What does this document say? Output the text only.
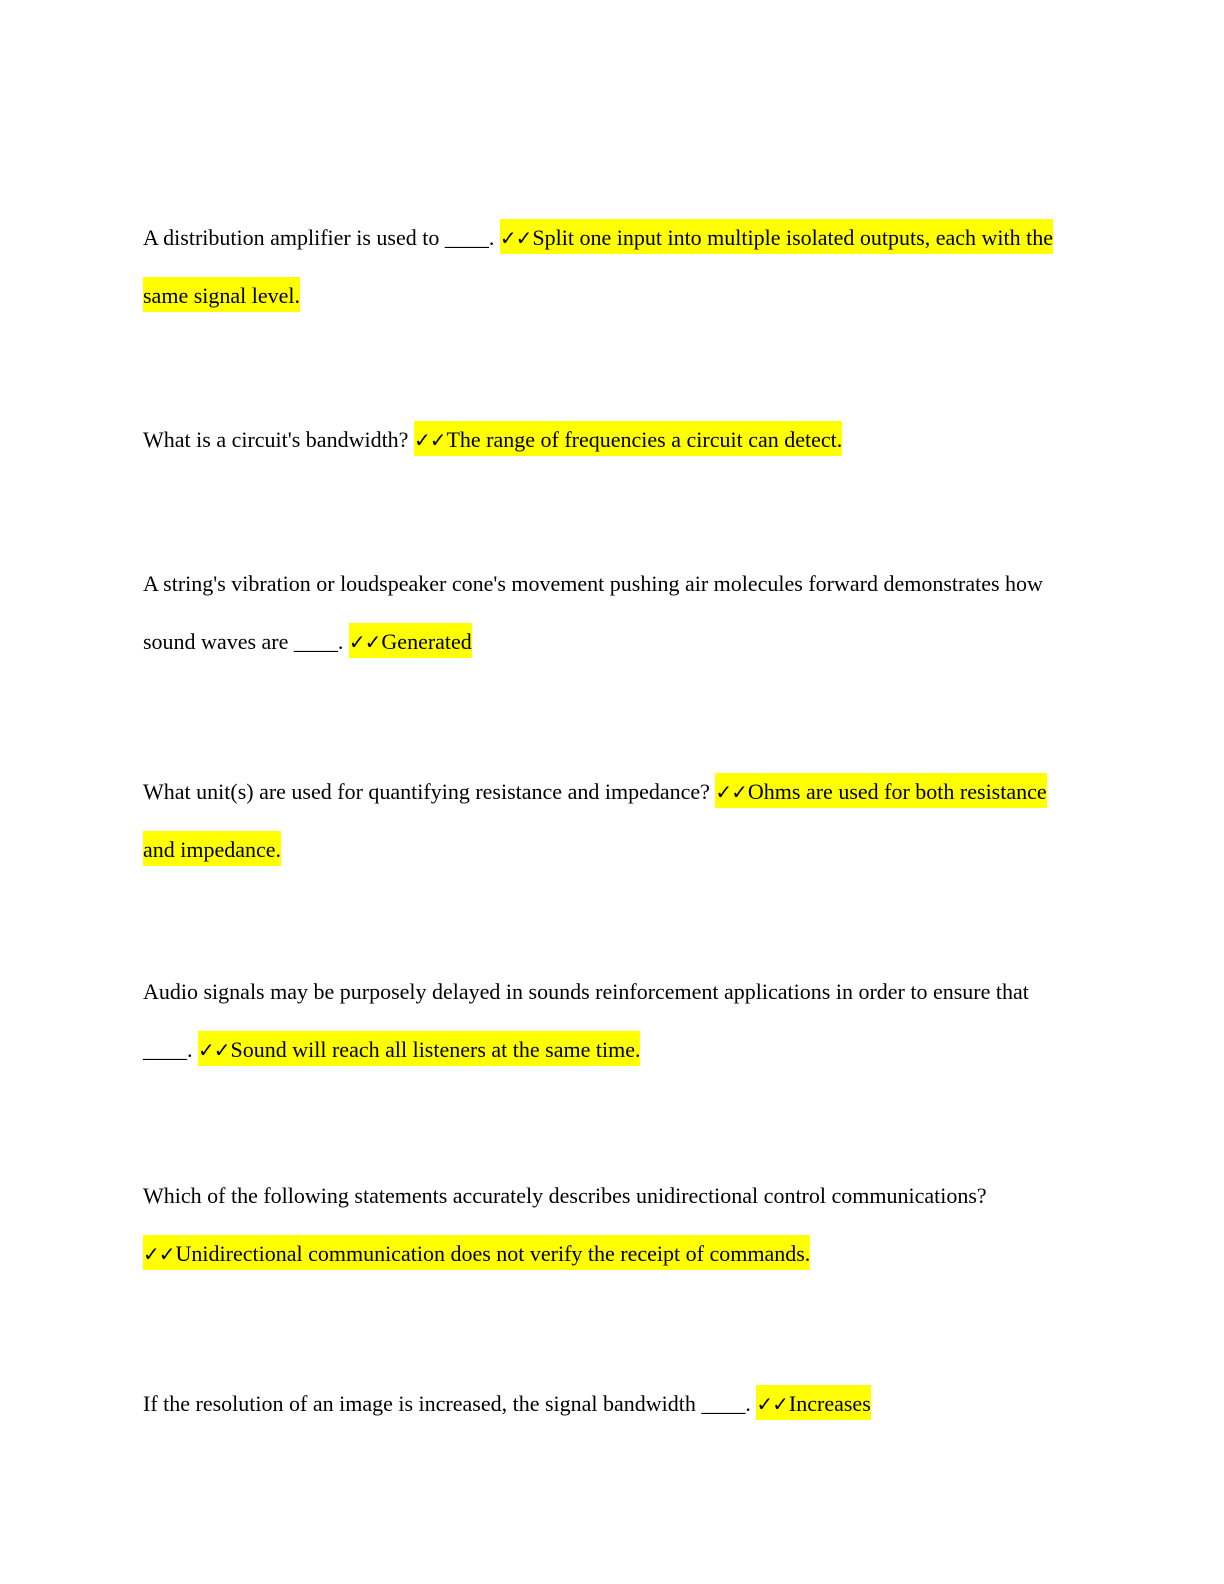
A distribution amplifier is used to ____. ✓✓Split one input into multiple isolated outputs, each with the same signal level.

What is a circuit's bandwidth? ✓✓The range of frequencies a circuit can detect.

A string's vibration or loudspeaker cone's movement pushing air molecules forward demonstrates how sound waves are ____. ✓✓Generated

What unit(s) are used for quantifying resistance and impedance? ✓✓Ohms are used for both resistance and impedance.

Audio signals may be purposely delayed in sounds reinforcement applications in order to ensure that ____. ✓✓Sound will reach all listeners at the same time.

Which of the following statements accurately describes unidirectional control communications? ✓✓Unidirectional communication does not verify the receipt of commands.

If the resolution of an image is increased, the signal bandwidth ____. ✓✓Increases
